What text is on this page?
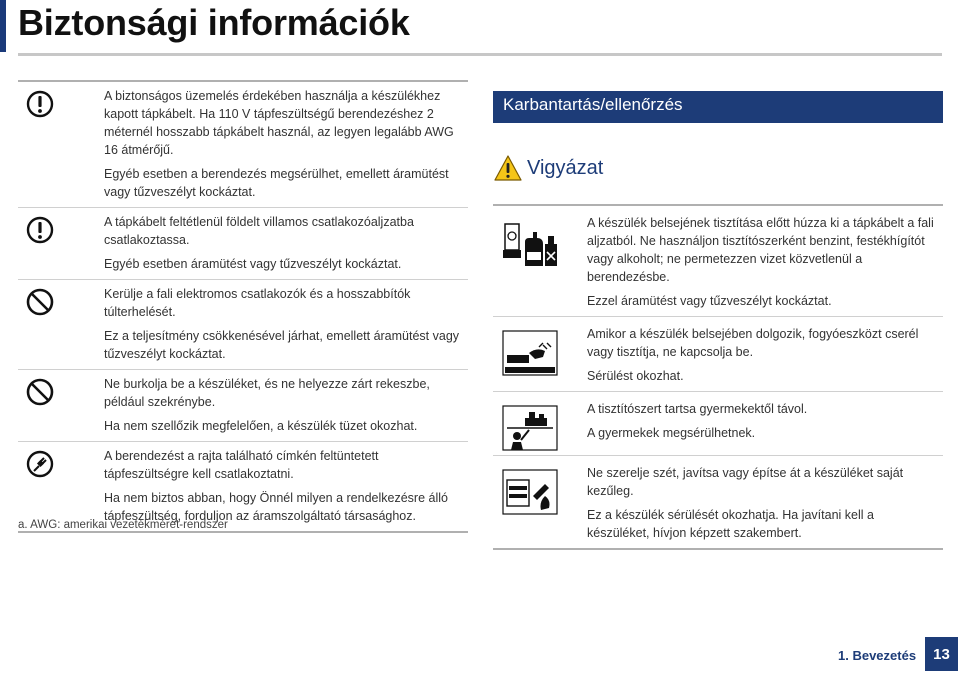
Biztonsági információk

A biztonságos üzemelés érdekében használja a készülékhez kapott tápkábelt. Ha 110 V tápfeszültségű berendezéshez 2 méternél hosszabb tápkábelt használ, az legyen legalább AWG 16 átmérőjű.

Egyéb esetben a berendezés megsérülhet, emellett áramütést vagy tűzveszélyt kockáztat.

A tápkábelt feltétlenül földelt villamos csatlakozóaljzatba csatlakoztassa.

Egyéb esetben áramütést vagy tűzveszélyt kockáztat.

Kerülje a fali elektromos csatlakozók és a hosszabbítók túlterhelését.

Ez a teljesítmény csökkenésével járhat, emellett áramütést vagy tűzveszélyt kockáztat.

Ne burkolja be a készüléket, és ne helyezze zárt rekeszbe, például szekrénybe.

Ha nem szellőzik megfelelően, a készülék tüzet okozhat.

A berendezést a rajta található címkén feltüntetett tápfeszültségre kell csatlakoztatni.

Ha nem biztos abban, hogy Önnél milyen a rendelkezésre álló tápfeszültség, forduljon az áramszolgáltató társasághoz.

a. AWG: amerikai vezetékméret-rendszer

Karbantartás/ellenőrzés
Vigyázat

A készülék belsejének tisztítása előtt húzza ki a tápkábelt a fali aljzatból. Ne használjon tisztítószerként benzint, festékhígítót vagy alkoholt; ne permetezzen vizet közvetlenül a berendezésbe.

Ezzel áramütést vagy tűzveszélyt kockáztat.

Amikor a készülék belsejében dolgozik, fogyóeszközt cserél vagy tisztítja, ne kapcsolja be.

Sérülést okozhat.

A tisztítószert tartsa gyermekektől távol.

A gyermekek megsérülhetnek.

Ne szerelje szét, javítsa vagy építse át a készüléket saját kezűleg.

Ez a készülék sérülését okozhatja. Ha javítani kell a készüléket, hívjon képzett szakembert.

1. Bevezetés	13
